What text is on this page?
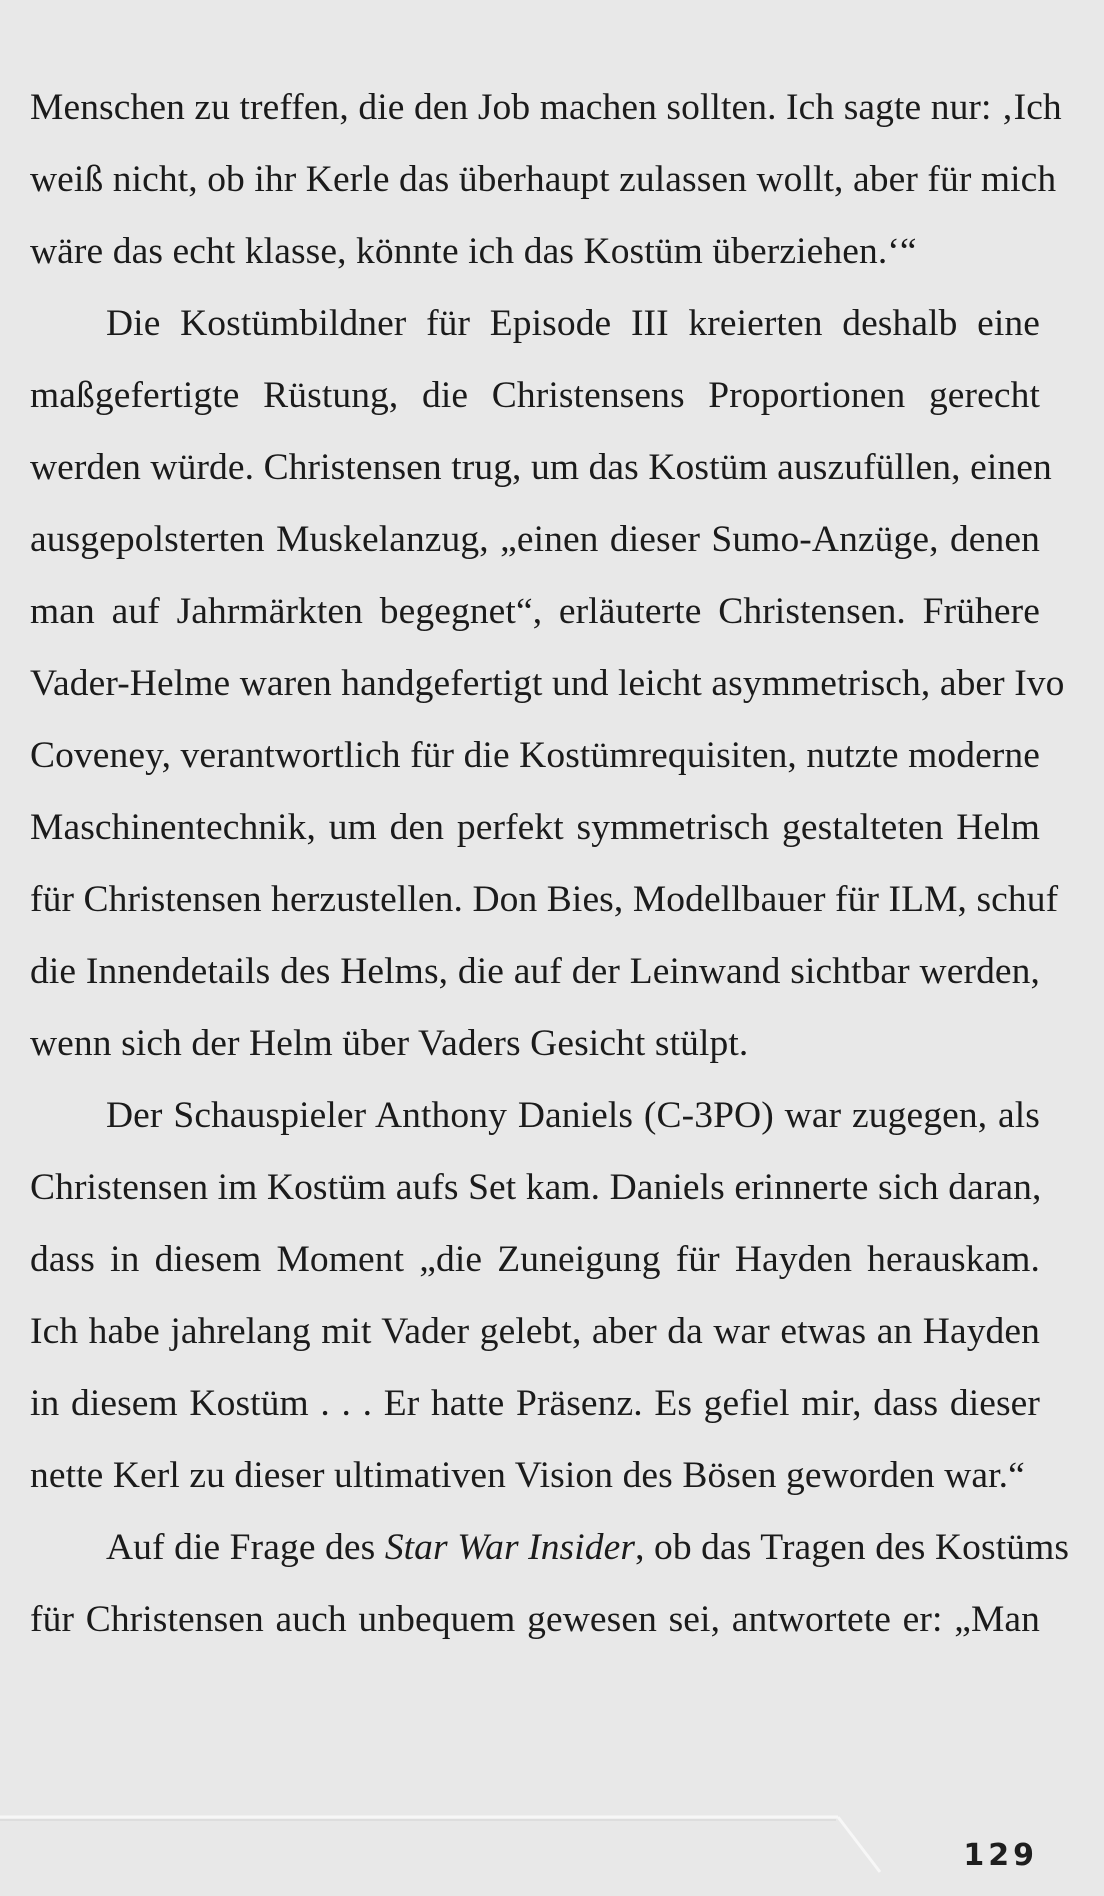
Menschen zu treffen, die den Job machen sollten. Ich sagte nur: ‚Ich
weiß nicht, ob ihr Kerle das überhaupt zulassen wollt, aber für mich
wäre das echt klasse, könnte ich das Kostüm überziehen.‘“
Die Kostümbildner für Episode III kreierten deshalb eine
maßgefertigte Rüstung, die Christensens Proportionen gerecht
werden würde. Christensen trug, um das Kostüm auszufüllen, einen
ausgepolsterten Muskelanzug, „einen dieser Sumo-Anzüge, denen
man auf Jahrmärkten begegnet“, erläuterte Christensen. Frühere
Vader-Helme waren handgefertigt und leicht asymmetrisch, aber Ivo
Coveney, verantwortlich für die Kostümrequisiten, nutzte moderne
Maschinentechnik, um den perfekt symmetrisch gestalteten Helm
für Christensen herzustellen. Don Bies, Modellbauer für ILM, schuf
die Innendetails des Helms, die auf der Leinwand sichtbar werden,
wenn sich der Helm über Vaders Gesicht stülpt.
Der Schauspieler Anthony Daniels (C-3PO) war zugegen, als
Christensen im Kostüm aufs Set kam. Daniels erinnerte sich daran,
dass in diesem Moment „die Zuneigung für Hayden herauskam.
Ich habe jahrelang mit Vader gelebt, aber da war etwas an Hayden
in diesem Kostüm . . . Er hatte Präsenz. Es gefiel mir, dass dieser
nette Kerl zu dieser ultimativen Vision des Bösen geworden war.“
Auf die Frage des Star War Insider, ob das Tragen des Kostüms
für Christensen auch unbequem gewesen sei, antwortete er: „Man
129
